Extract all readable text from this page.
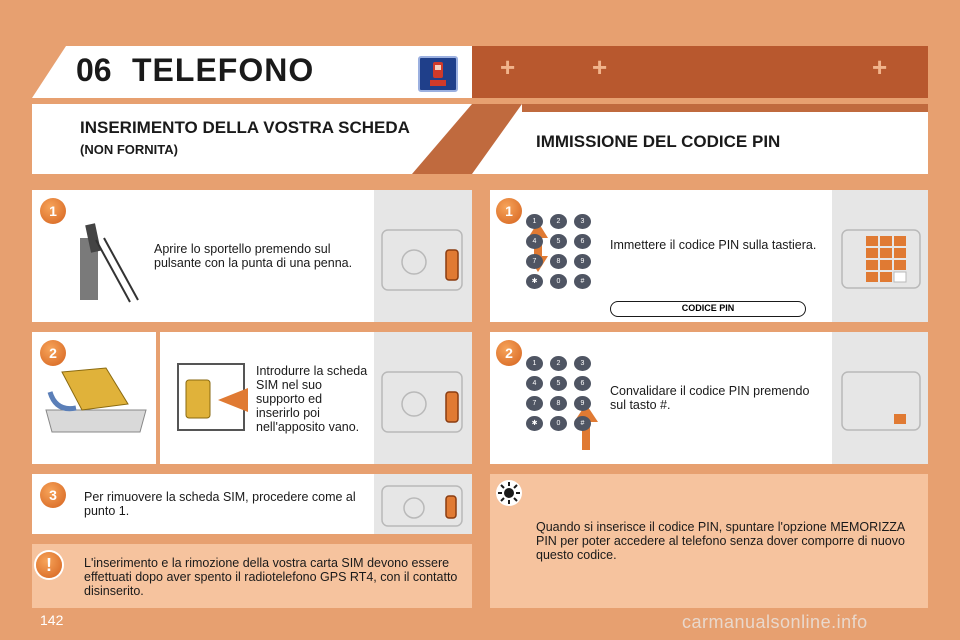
06 TELEFONO	+	+	+
INSERIMENTO DELLA VOSTRA SCHEDA
(NON FORNITA)	IMMISSIONE DEL CODICE PIN
1
Aprire lo sportello premendo sul pulsante con la punta di una penna.
2
Introdurre la scheda SIM nel suo supporto ed inserirlo poi nell'apposito vano.
3	Per rimuovere la scheda SIM, procedere come al punto 1.
!	L'inserimento e la rimozione della vostra carta SIM devono essere effettuati dopo aver spento il radiotelefono GPS RT4, con il contatto disinserito.
1
Immettere il codice PIN sulla tastiera.
CODICE PIN
2
Convalidare il codice PIN premendo sul tasto #.
1	2	3
4	5	6
7	8	9
✱	0	#
1	2	3
4	5	6
7	8	9
✱	0	#
Quando si inserisce il codice PIN, spuntare l'opzione MEMORIZZA PIN per poter accedere al telefono senza dover comporre di nuovo questo codice.
142	carmanualsonline.info
